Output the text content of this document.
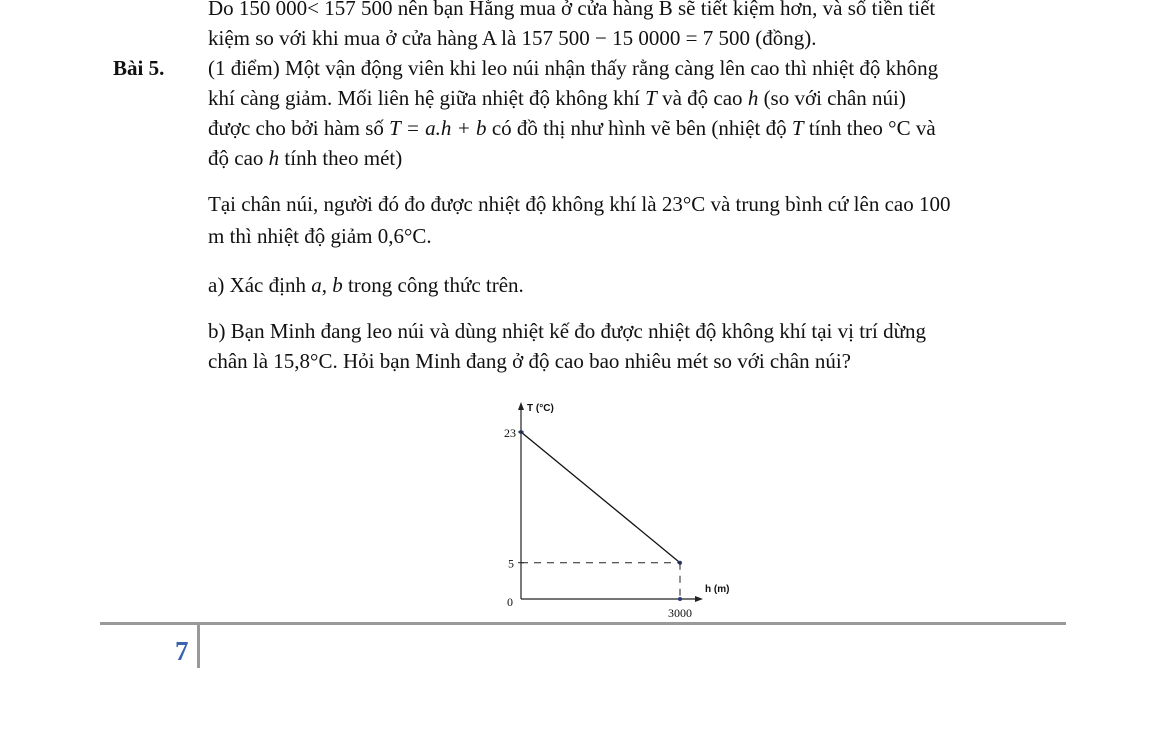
Do 150 000< 157 500 nên bạn Hằng mua ở cửa hàng B sẽ tiết kiệm hơn, và số tiền tiết
kiệm so với khi mua ở cửa hàng A là 157 500 − 15 0000 = 7 500 (đồng).
Bài 5. (1 điểm) Một vận động viên khi leo núi nhận thấy rằng càng lên cao thì nhiệt độ không
khí càng giảm. Mối liên hệ giữa nhiệt độ không khí T và độ cao h (so với chân núi)
được cho bởi hàm số T = a.h + b có đồ thị như hình vẽ bên (nhiệt độ T tính theo °C và
độ cao h tính theo mét)
Tại chân núi, người đó đo được nhiệt độ không khí là 23°C và trung bình cứ lên cao 100
m thì nhiệt độ giảm 0,6°C.
a) Xác định a, b trong công thức trên.
b) Bạn Minh đang leo núi và dùng nhiệt kế đo được nhiệt độ không khí tại vị trí dừng
chân là 15,8°C. Hỏi bạn Minh đang ở độ cao bao nhiêu mét so với chân núi?
T (°C)
h (m)
23
5
0
3000
7
